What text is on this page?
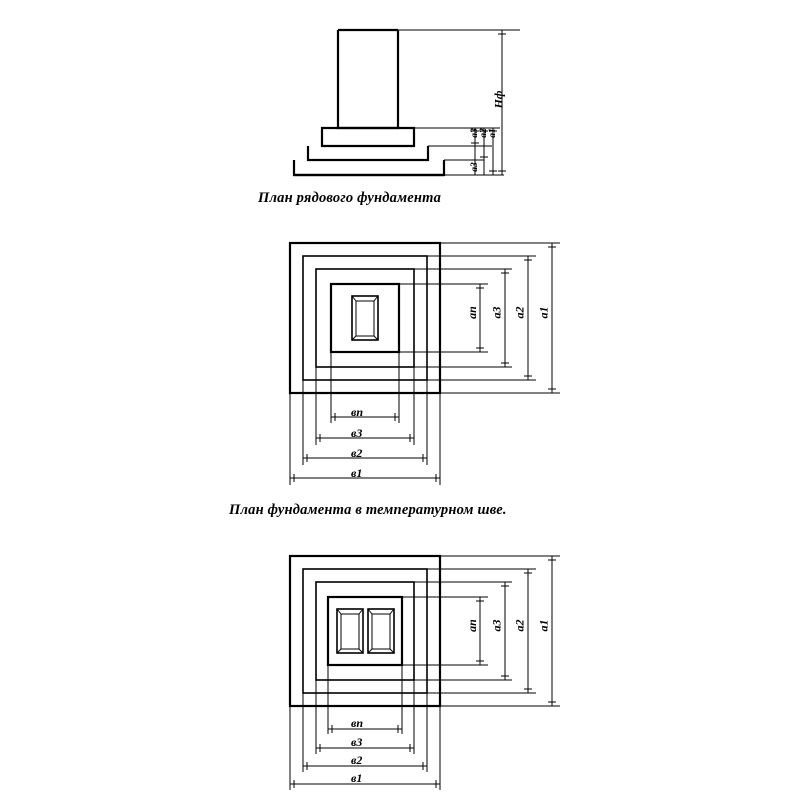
План рядового фундамента
План фундамента в температурном шве.
Нф
а3 а2 а1
а3
ап а3 а2 а1
вп
в3
в2
в1
ап а3 а2 а1
вп
в3
в2
в1
